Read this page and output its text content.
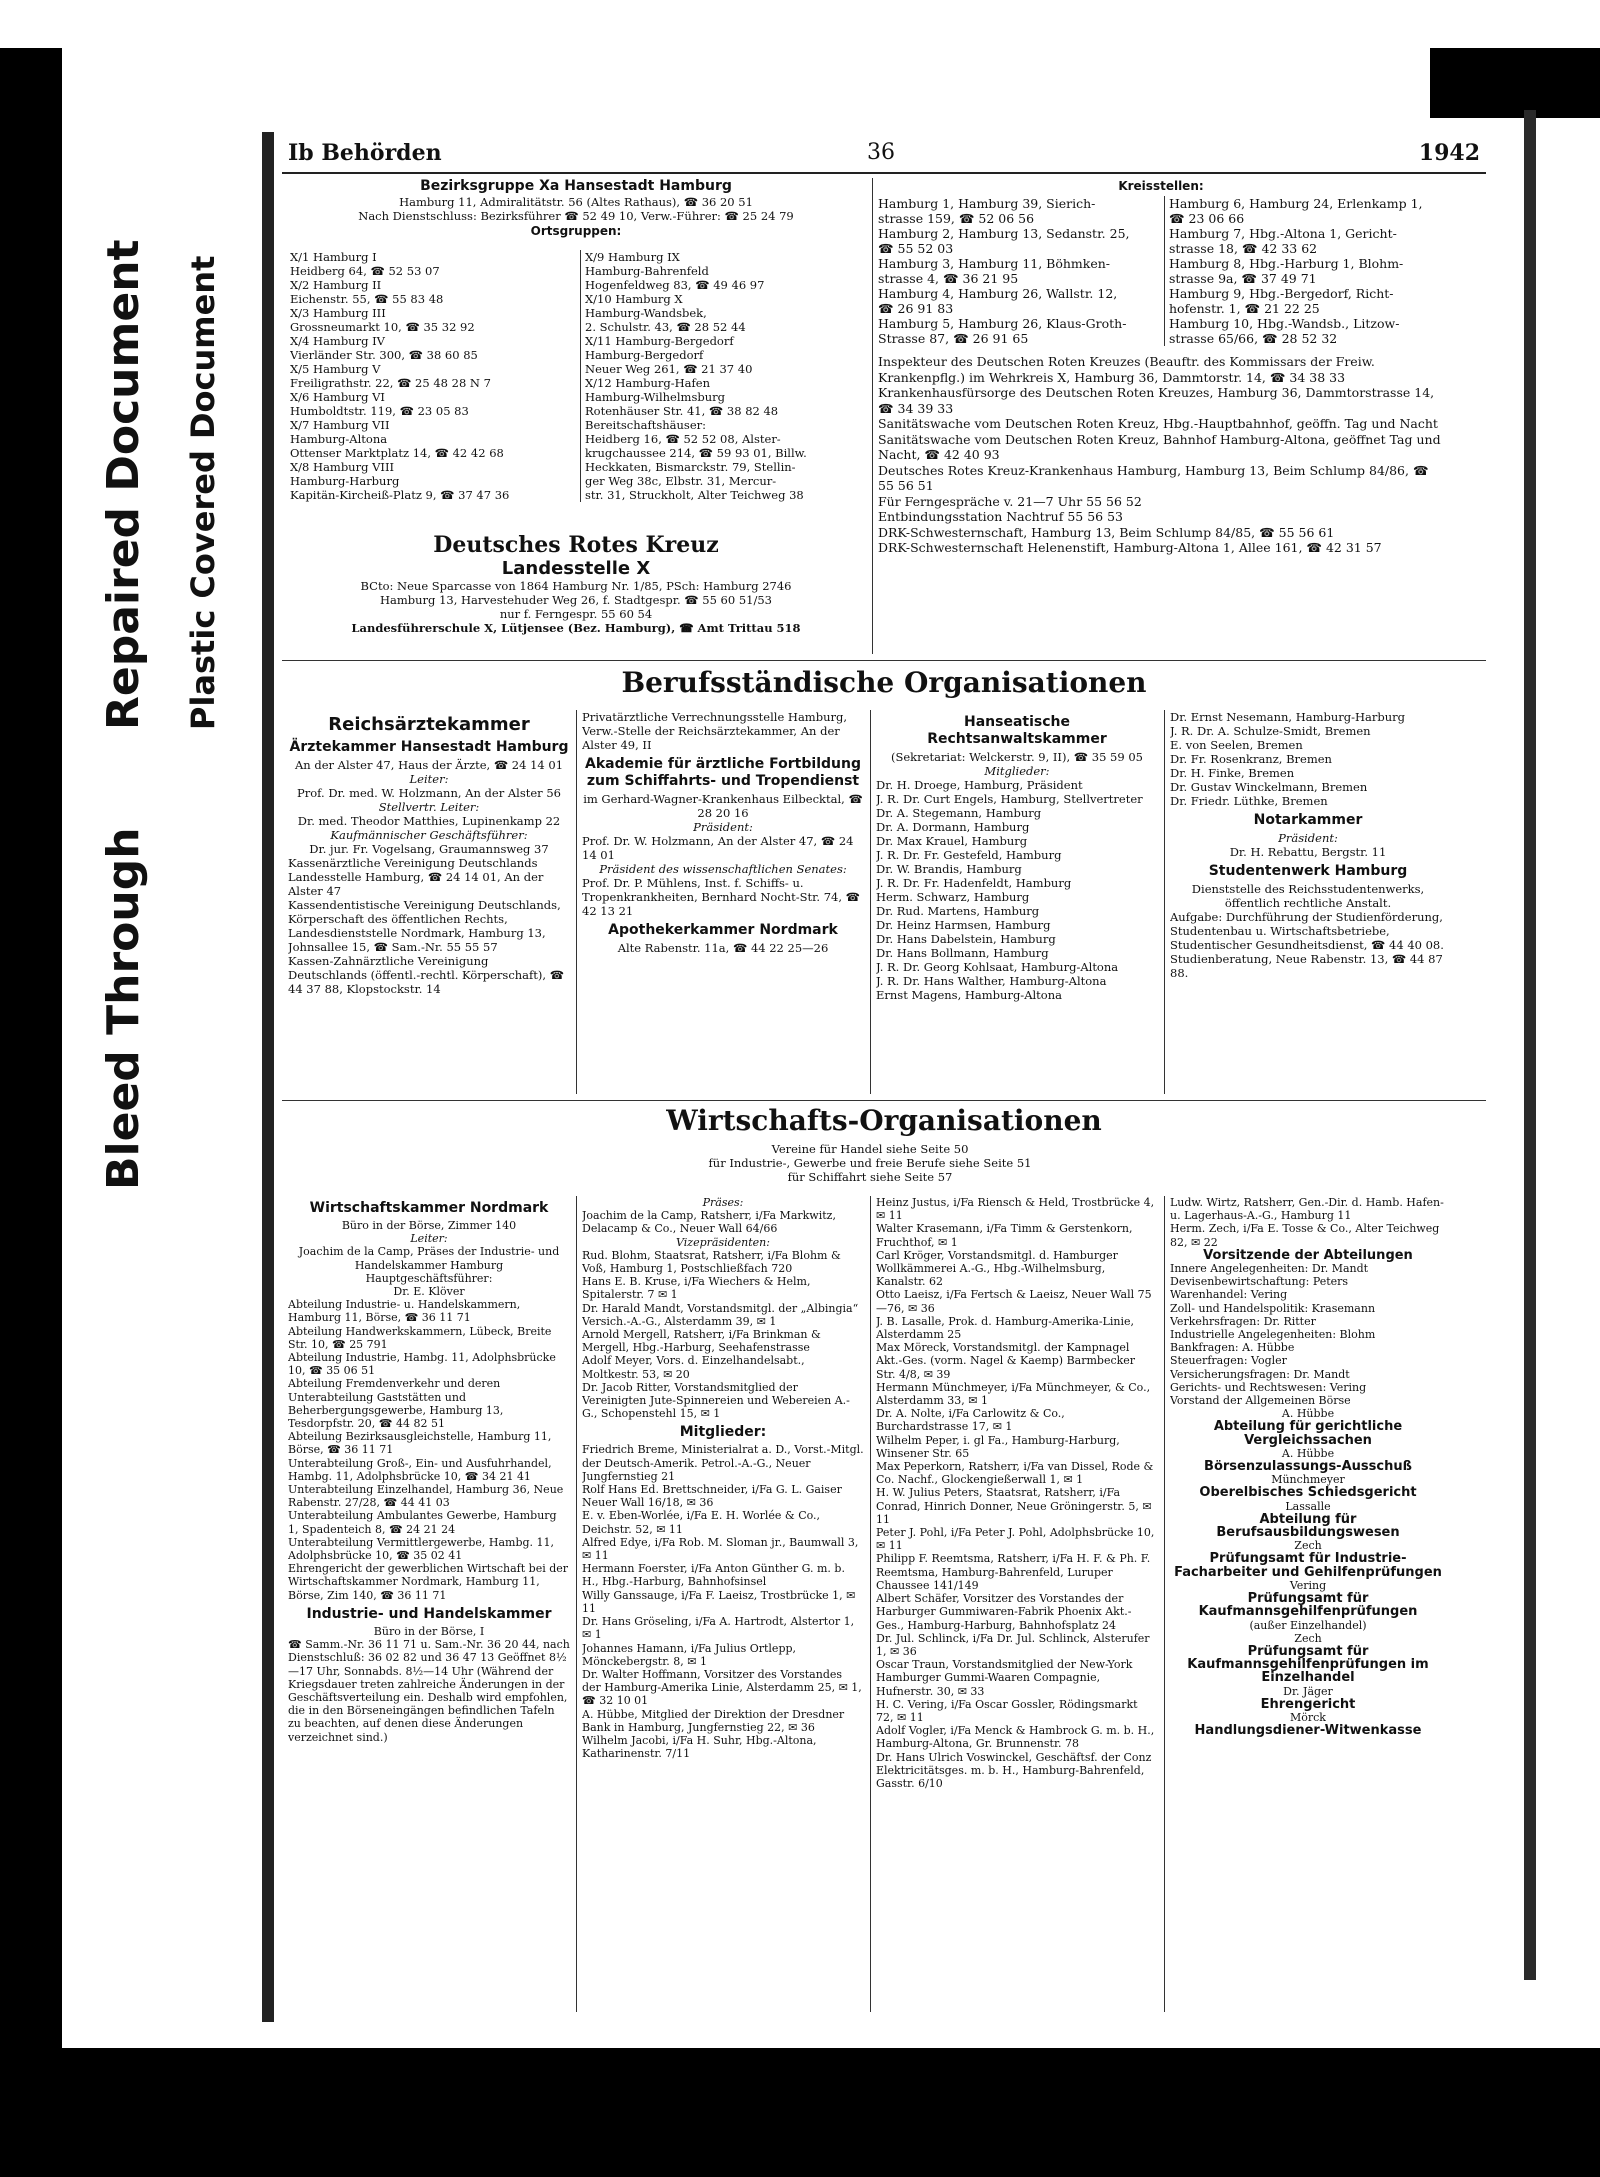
Bleed Through
Repaired Document Plastic Covered Document
Ib Behörden	36	1942

Bezirksgruppe Xa Hansestadt Hamburg

Hamburg 11, Admiralitätstr. 56 (Altes Rathaus), ☎ 36 20 51

Nach Dienstschluss: Bezirksführer ☎ 52 49 10, Verw.-Führer: ☎ 25 24 79

Ortsgruppen:

X/1 Hamburg I

Heidberg 64, ☎ 52 53 07

X/2 Hamburg II

Eichenstr. 55, ☎ 55 83 48

X/3 Hamburg III

Grossneumarkt 10, ☎ 35 32 92

X/4 Hamburg IV

Vierländer Str. 300, ☎ 38 60 85

X/5 Hamburg V

Freiligrathstr. 22, ☎ 25 48 28 N 7

X/6 Hamburg VI

Humboldtstr. 119, ☎ 23 05 83

X/7 Hamburg VII

Hamburg-Altona

Ottenser Marktplatz 14, ☎ 42 42 68

X/8 Hamburg VIII

Hamburg-Harburg

Kapitän-Kircheiß-Platz 9, ☎ 37 47 36

X/9 Hamburg IX

Hamburg-Bahrenfeld

Hogenfeldweg 83, ☎ 49 46 97

X/10 Hamburg X

Hamburg-Wandsbek,

2. Schulstr. 43, ☎ 28 52 44

X/11 Hamburg-Bergedorf

Hamburg-Bergedorf

Neuer Weg 261, ☎ 21 37 40

X/12 Hamburg-Hafen

Hamburg-Wilhelmsburg

Rotenhäuser Str. 41, ☎ 38 82 48

Bereitschaftshäuser:

Heidberg 16, ☎ 52 52 08, Alster-

krugchaussee 214, ☎ 59 93 01, Billw.

Heckkaten, Bismarckstr. 79, Stellin-

ger Weg 38c, Elbstr. 31, Mercur-

str. 31, Struckholt, Alter Teichweg 38

Deutsches Rotes Kreuz

Landesstelle X

BCto: Neue Sparcasse von 1864 Hamburg Nr. 1/85, PSch: Hamburg 2746

Hamburg 13, Harvestehuder Weg 26, f. Stadtgespr. ☎ 55 60 51/53

nur f. Ferngespr. 55 60 54

Landesführerschule X, Lütjensee (Bez. Hamburg), ☎ Amt Trittau 518

Kreisstellen:

Hamburg 1, Hamburg 39, Sierich-

strasse 159, ☎ 52 06 56

Hamburg 2, Hamburg 13, Sedanstr. 25,

☎ 55 52 03

Hamburg 3, Hamburg 11, Böhmken-

strasse 4, ☎ 36 21 95

Hamburg 4, Hamburg 26, Wallstr. 12,

☎ 26 91 83

Hamburg 5, Hamburg 26, Klaus-Groth-

Strasse 87, ☎ 26 91 65

Hamburg 6, Hamburg 24, Erlenkamp 1,

☎ 23 06 66

Hamburg 7, Hbg.-Altona 1, Gericht-

strasse 18, ☎ 42 33 62

Hamburg 8, Hbg.-Harburg 1, Blohm-

strasse 9a, ☎ 37 49 71

Hamburg 9, Hbg.-Bergedorf, Richt-

hofenstr. 1, ☎ 21 22 25

Hamburg 10, Hbg.-Wandsb., Litzow-

strasse 65/66, ☎ 28 52 32

Inspekteur des Deutschen Roten Kreuzes (Beauftr. des Kommissars der Freiw. Krankenpflg.) im Wehrkreis X, Hamburg 36, Dammtorstr. 14, ☎ 34 38 33

Krankenhausfürsorge des Deutschen Roten Kreuzes, Hamburg 36, Dammtorstrasse 14, ☎ 34 39 33

Sanitätswache vom Deutschen Roten Kreuz, Hbg.-Hauptbahnhof, geöffn. Tag und Nacht

Sanitätswache vom Deutschen Roten Kreuz, Bahnhof Hamburg-Altona, geöffnet Tag und Nacht, ☎ 42 40 93

Deutsches Rotes Kreuz-Krankenhaus Hamburg, Hamburg 13, Beim Schlump 84/86, ☎ 55 56 51

Für Ferngespräche v. 21—7 Uhr 55 56 52

Entbindungsstation Nachtruf 55 56 53

DRK-Schwesternschaft, Hamburg 13, Beim Schlump 84/85, ☎ 55 56 61

DRK-Schwesternschaft Helenenstift, Hamburg-Altona 1, Allee 161, ☎ 42 31 57

Berufsständische Organisationen

Reichsärztekammer

Ärztekammer Hansestadt Hamburg

An der Alster 47, Haus der Ärzte, ☎ 24 14 01

Leiter:

Prof. Dr. med. W. Holzmann, An der Alster 56

Stellvertr. Leiter:

Dr. med. Theodor Matthies, Lupinenkamp 22

Kaufmännischer Geschäftsführer:

Dr. jur. Fr. Vogelsang, Graumannsweg 37

Kassenärztliche Vereinigung Deutschlands Landesstelle Hamburg, ☎ 24 14 01, An der Alster 47

Kassendentistische Vereinigung Deutschlands, Körperschaft des öffentlichen Rechts, Landesdienststelle Nordmark, Hamburg 13, Johnsallee 15, ☎ Sam.-Nr. 55 55 57

Kassen-Zahnärztliche Vereinigung Deutschlands (öffentl.-rechtl. Körperschaft), ☎ 44 37 88, Klopstockstr. 14

Privatärztliche Verrechnungsstelle Hamburg, Verw.-Stelle der Reichsärztekammer, An der Alster 49, II

Akademie für ärztliche Fortbildung zum Schiffahrts- und Tropendienst

im Gerhard-Wagner-Krankenhaus Eilbecktal, ☎ 28 20 16

Präsident:

Prof. Dr. W. Holzmann, An der Alster 47, ☎ 24 14 01

Präsident des wissenschaftlichen Senates:

Prof. Dr. P. Mühlens, Inst. f. Schiffs- u. Tropenkrankheiten, Bernhard Nocht-Str. 74, ☎ 42 13 21

Apothekerkammer Nordmark

Alte Rabenstr. 11a, ☎ 44 22 25—26

Hanseatische Rechtsanwaltskammer

(Sekretariat: Welckerstr. 9, II), ☎ 35 59 05

Mitglieder:

Dr. H. Droege, Hamburg, Präsident

J. R. Dr. Curt Engels, Hamburg, Stellvertreter

Dr. A. Stegemann, Hamburg

Dr. A. Dormann, Hamburg

Dr. Max Krauel, Hamburg

J. R. Dr. Fr. Gestefeld, Hamburg

Dr. W. Brandis, Hamburg

J. R. Dr. Fr. Hadenfeldt, Hamburg

Herm. Schwarz, Hamburg

Dr. Rud. Martens, Hamburg

Dr. Heinz Harmsen, Hamburg

Dr. Hans Dabelstein, Hamburg

Dr. Hans Bollmann, Hamburg

J. R. Dr. Georg Kohlsaat, Hamburg-Altona

J. R. Dr. Hans Walther, Hamburg-Altona

Ernst Magens, Hamburg-Altona

Dr. Ernst Nesemann, Hamburg-Harburg

J. R. Dr. A. Schulze-Smidt, Bremen

E. von Seelen, Bremen

Dr. Fr. Rosenkranz, Bremen

Dr. H. Finke, Bremen

Dr. Gustav Winckelmann, Bremen

Dr. Friedr. Lüthke, Bremen

Notarkammer

Präsident:

Dr. H. Rebattu, Bergstr. 11

Studentenwerk Hamburg

Dienststelle des Reichsstudentenwerks, öffentlich rechtliche Anstalt.

Aufgabe: Durchführung der Studienförderung, Studentenbau u. Wirtschaftsbetriebe, Studentischer Gesundheitsdienst, ☎ 44 40 08.

Studienberatung, Neue Rabenstr. 13, ☎ 44 87 88.

Wirtschafts-Organisationen

Vereine für Handel siehe Seite 50

für Industrie-, Gewerbe und freie Berufe siehe Seite 51

für Schiffahrt siehe Seite 57

Wirtschaftskammer Nordmark

Büro in der Börse, Zimmer 140

Leiter:

Joachim de la Camp, Präses der Industrie- und Handelskammer Hamburg

Hauptgeschäftsführer:

Dr. E. Klöver

Abteilung Industrie- u. Handelskammern, Hamburg 11, Börse, ☎ 36 11 71

Abteilung Handwerkskammern, Lübeck, Breite Str. 10, ☎ 25 791

Abteilung Industrie, Hambg. 11, Adolphsbrücke 10, ☎ 35 06 51

Abteilung Fremdenverkehr und deren Unterabteilung Gaststätten und Beherbergungsgewerbe, Hamburg 13, Tesdorpfstr. 20, ☎ 44 82 51

Abteilung Bezirksausgleichstelle, Hamburg 11, Börse, ☎ 36 11 71

Unterabteilung Groß-, Ein- und Ausfuhrhandel, Hambg. 11, Adolphsbrücke 10, ☎ 34 21 41

Unterabteilung Einzelhandel, Hamburg 36, Neue Rabenstr. 27/28, ☎ 44 41 03

Unterabteilung Ambulantes Gewerbe, Hamburg 1, Spadenteich 8, ☎ 24 21 24

Unterabteilung Vermittlergewerbe, Hambg. 11, Adolphsbrücke 10, ☎ 35 02 41

Ehrengericht der gewerblichen Wirtschaft bei der Wirtschaftskammer Nordmark, Hamburg 11, Börse, Zim 140, ☎ 36 11 71

Industrie- und Handelskammer

Büro in der Börse, I

☎ Samm.-Nr. 36 11 71 u. Sam.-Nr. 36 20 44, nach Dienstschluß: 36 02 82 und 36 47 13 Geöffnet 8½—17 Uhr, Sonnabds. 8½—14 Uhr (Während der Kriegsdauer treten zahlreiche Änderungen in der Geschäftsverteilung ein. Deshalb wird empfohlen, die in den Börseneingängen befindlichen Tafeln zu beachten, auf denen diese Änderungen verzeichnet sind.)

Präses:

Joachim de la Camp, Ratsherr, i/Fa Markwitz, Delacamp & Co., Neuer Wall 64/66

Vizepräsidenten:

Rud. Blohm, Staatsrat, Ratsherr, i/Fa Blohm & Voß, Hamburg 1, Postschließfach 720

Hans E. B. Kruse, i/Fa Wiechers & Helm, Spitalerstr. 7 ✉ 1

Dr. Harald Mandt, Vorstandsmitgl. der „Albingia“ Versich.-A.-G., Alsterdamm 39, ✉ 1

Arnold Mergell, Ratsherr, i/Fa Brinkman & Mergell, Hbg.-Harburg, Seehafenstrasse

Adolf Meyer, Vors. d. Einzelhandelsabt., Moltkestr. 53, ✉ 20

Dr. Jacob Ritter, Vorstandsmitglied der Vereinigten Jute-Spinnereien und Webereien A.-G., Schopenstehl 15, ✉ 1

Mitglieder:

Friedrich Breme, Ministerialrat a. D., Vorst.-Mitgl. der Deutsch-Amerik. Petrol.-A.-G., Neuer Jungfernstieg 21

Rolf Hans Ed. Brettschneider, i/Fa G. L. Gaiser Neuer Wall 16/18, ✉ 36

E. v. Eben-Worlée, i/Fa E. H. Worlée & Co., Deichstr. 52, ✉ 11

Alfred Edye, i/Fa Rob. M. Sloman jr., Baumwall 3, ✉ 11

Hermann Foerster, i/Fa Anton Günther G. m. b. H., Hbg.-Harburg, Bahnhofsinsel

Willy Ganssauge, i/Fa F. Laeisz, Trostbrücke 1, ✉ 11

Dr. Hans Gröseling, i/Fa A. Hartrodt, Alstertor 1, ✉ 1

Johannes Hamann, i/Fa Julius Ortlepp, Mönckebergstr. 8, ✉ 1

Dr. Walter Hoffmann, Vorsitzer des Vorstandes der Hamburg-Amerika Linie, Alsterdamm 25, ✉ 1, ☎ 32 10 01

A. Hübbe, Mitglied der Direktion der Dresdner Bank in Hamburg, Jungfernstieg 22, ✉ 36

Wilhelm Jacobi, i/Fa H. Suhr, Hbg.-Altona, Katharinenstr. 7/11

Heinz Justus, i/Fa Riensch & Held, Trostbrücke 4, ✉ 11

Walter Krasemann, i/Fa Timm & Gerstenkorn, Fruchthof, ✉ 1

Carl Kröger, Vorstandsmitgl. d. Hamburger Wollkämmerei A.-G., Hbg.-Wilhelmsburg, Kanalstr. 62

Otto Laeisz, i/Fa Fertsch & Laeisz, Neuer Wall 75—76, ✉ 36

J. B. Lasalle, Prok. d. Hamburg-Amerika-Linie, Alsterdamm 25

Max Möreck, Vorstandsmitgl. der Kampnagel Akt.-Ges. (vorm. Nagel & Kaemp) Barmbecker Str. 4/8, ✉ 39

Hermann Münchmeyer, i/Fa Münchmeyer, & Co., Alsterdamm 33, ✉ 1

Dr. A. Nolte, i/Fa Carlowitz & Co., Burchardstrasse 17, ✉ 1

Wilhelm Peper, i. gl Fa., Hamburg-Harburg, Winsener Str. 65

Max Peperkorn, Ratsherr, i/Fa van Dissel, Rode & Co. Nachf., Glockengießerwall 1, ✉ 1

H. W. Julius Peters, Staatsrat, Ratsherr, i/Fa Conrad, Hinrich Donner, Neue Gröningerstr. 5, ✉ 11

Peter J. Pohl, i/Fa Peter J. Pohl, Adolphsbrücke 10, ✉ 11

Philipp F. Reemtsma, Ratsherr, i/Fa H. F. & Ph. F. Reemtsma, Hamburg-Bahrenfeld, Luruper Chaussee 141/149

Albert Schäfer, Vorsitzer des Vorstandes der Harburger Gummiwaren-Fabrik Phoenix Akt.-Ges., Hamburg-Harburg, Bahnhofsplatz 24

Dr. Jul. Schlinck, i/Fa Dr. Jul. Schlinck, Alsterufer 1, ✉ 36

Oscar Traun, Vorstandsmitglied der New-York Hamburger Gummi-Waaren Compagnie, Hufnerstr. 30, ✉ 33

H. C. Vering, i/Fa Oscar Gossler, Rödingsmarkt 72, ✉ 11

Adolf Vogler, i/Fa Menck & Hambrock G. m. b. H., Hamburg-Altona, Gr. Brunnenstr. 78

Dr. Hans Ulrich Voswinckel, Geschäftsf. der Conz Elektricitätsges. m. b. H., Hamburg-Bahrenfeld, Gasstr. 6/10

Ludw. Wirtz, Ratsherr, Gen.-Dir. d. Hamb. Hafen- u. Lagerhaus-A.-G., Hamburg 11

Herm. Zech, i/Fa E. Tosse & Co., Alter Teichweg 82, ✉ 22

Vorsitzende der Abteilungen

Innere Angelegenheiten: Dr. Mandt

Devisenbewirtschaftung: Peters

Warenhandel: Vering

Zoll- und Handelspolitik: Krasemann

Verkehrsfragen: Dr. Ritter

Industrielle Angelegenheiten: Blohm

Bankfragen: A. Hübbe

Steuerfragen: Vogler

Versicherungsfragen: Dr. Mandt

Gerichts- und Rechtswesen: Vering

Vorstand der Allgemeinen Börse

A. Hübbe

Abteilung für gerichtliche Vergleichssachen

A. Hübbe

Börsenzulassungs-Ausschuß

Münchmeyer

Oberelbisches Schiedsgericht

Lassalle

Abteilung für Berufsausbildungswesen

Zech

Prüfungsamt für Industrie-Facharbeiter und Gehilfenprüfungen

Vering

Prüfungsamt für Kaufmannsgehilfenprüfungen

(außer Einzelhandel)

Zech

Prüfungsamt für Kaufmannsgehilfenprüfungen im Einzelhandel

Dr. Jäger

Ehrengericht

Mörck

Handlungsdiener-Witwenkasse
